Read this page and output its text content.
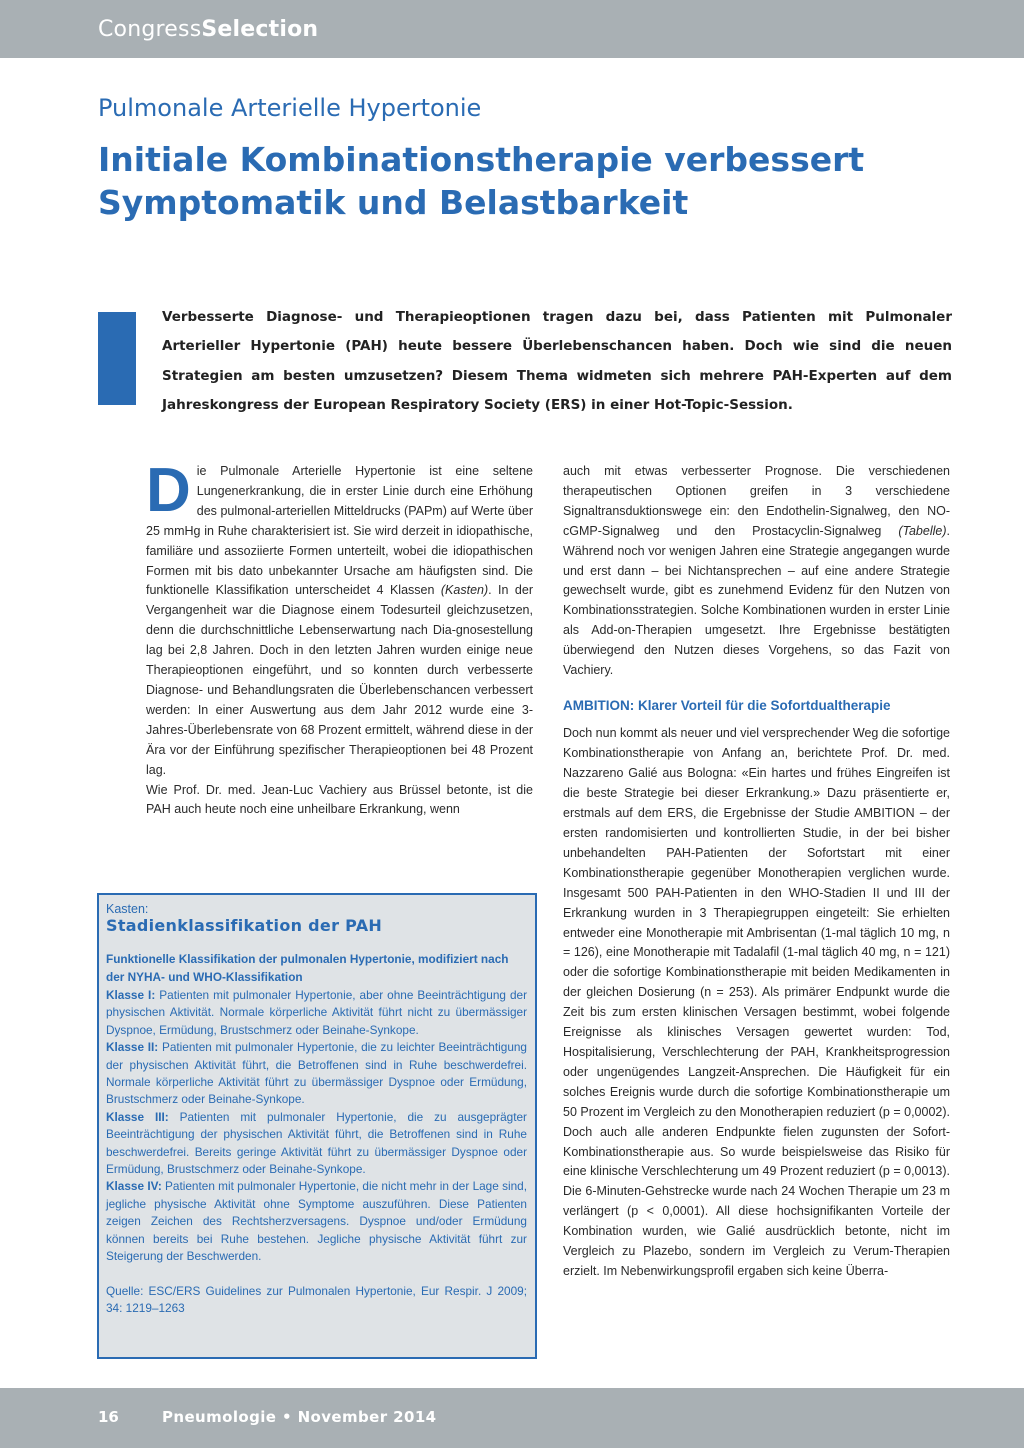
CongressSelection
Pulmonale Arterielle Hypertonie
Initiale Kombinationstherapie verbessert Symptomatik und Belastbarkeit

Verbesserte Diagnose- und Therapieoptionen tragen dazu bei, dass Patienten mit Pulmonaler Arterieller Hypertonie (PAH) heute bessere Überlebenschancen haben. Doch wie sind die neuen Strategien am besten umzusetzen? Diesem Thema widmeten sich mehrere PAH-Experten auf dem Jahreskongress der European Respiratory Society (ERS) in einer Hot-Topic-Session.

Die Pulmonale Arterielle Hypertonie ist eine seltene Lungenerkrankung, die in erster Linie durch eine Erhöhung des pulmonal-arteriellen Mitteldrucks (PAPm) auf Werte über 25 mmHg in Ruhe charakterisiert ist. Sie wird derzeit in idiopathische, familiäre und assoziierte Formen unterteilt, wobei die idiopathischen Formen mit bis dato unbekannter Ursache am häufigsten sind. Die funktionelle Klassifikation unterscheidet 4 Klassen (Kasten). In der Vergangenheit war die Diagnose einem Todesurteil gleichzusetzen, denn die durchschnittliche Lebenserwartung nach Dia-gnosestellung lag bei 2,8 Jahren. Doch in den letzten Jahren wurden einige neue Therapieoptionen eingeführt, und so konnten durch verbesserte Diagnose- und Behandlungsraten die Überlebenschancen verbessert werden: In einer Auswertung aus dem Jahr 2012 wurde eine 3-Jahres-Überlebensrate von 68 Prozent ermittelt, während diese in der Ära vor der Einführung spezifischer Therapieoptionen bei 48 Prozent lag.

Wie Prof. Dr. med. Jean-Luc Vachiery aus Brüssel betonte, ist die PAH auch heute noch eine unheilbare Erkrankung, wenn

auch mit etwas verbesserter Prognose. Die verschiedenen therapeutischen Optionen greifen in 3 verschiedene Signaltransduktionswege ein: den Endothelin-Signalweg, den NO-cGMP-Signalweg und den Prostacyclin-Signalweg (Tabelle). Während noch vor wenigen Jahren eine Strategie angegangen wurde und erst dann – bei Nichtansprechen – auf eine andere Strategie gewechselt wurde, gibt es zunehmend Evidenz für den Nutzen von Kombinationsstrategien. Solche Kombinationen wurden in erster Linie als Add-on-Therapien umgesetzt. Ihre Ergebnisse bestätigten überwiegend den Nutzen dieses Vorgehens, so das Fazit von Vachiery.

AMBITION: Klarer Vorteil für die Sofortdualtherapie

Doch nun kommt als neuer und viel versprechender Weg die sofortige Kombinationstherapie von Anfang an, berichtete Prof. Dr. med. Nazzareno Galié aus Bologna: «Ein hartes und frühes Eingreifen ist die beste Strategie bei dieser Erkrankung.» Dazu präsentierte er, erstmals auf dem ERS, die Ergebnisse der Studie AMBITION – der ersten randomisierten und kontrollierten Studie, in der bei bisher unbehandelten PAH-Patienten der Sofortstart mit einer Kombinationstherapie gegenüber Monotherapien verglichen wurde. Insgesamt 500 PAH-Patienten in den WHO-Stadien II und III der Erkrankung wurden in 3 Therapiegruppen eingeteilt: Sie erhielten entweder eine Monotherapie mit Ambrisentan (1-mal täglich 10 mg, n = 126), eine Monotherapie mit Tadalafil (1-mal täglich 40 mg, n = 121) oder die sofortige Kombinationstherapie mit beiden Medikamenten in der gleichen Dosierung (n = 253). Als primärer Endpunkt wurde die Zeit bis zum ersten klinischen Versagen bestimmt, wobei folgende Ereignisse als klinisches Versagen gewertet wurden: Tod, Hospitalisierung, Verschlechterung der PAH, Krankheitsprogression oder ungenügendes Langzeit-Ansprechen. Die Häufigkeit für ein solches Ereignis wurde durch die sofortige Kombinationstherapie um 50 Prozent im Vergleich zu den Monotherapien reduziert (p = 0,0002). Doch auch alle anderen Endpunkte fielen zugunsten der Sofort-Kombinationstherapie aus. So wurde beispielsweise das Risiko für eine klinische Verschlechterung um 49 Prozent reduziert (p = 0,0013). Die 6-Minuten-Gehstrecke wurde nach 24 Wochen Therapie um 23 m verlängert (p < 0,0001). All diese hochsignifikanten Vorteile der Kombination wurden, wie Galié ausdrücklich betonte, nicht im Vergleich zu Plazebo, sondern im Vergleich zu Verum-Therapien erzielt. Im Nebenwirkungsprofil ergaben sich keine Überra-

Kasten:
Stadienklassifikation der PAH
Funktionelle Klassifikation der pulmonalen Hypertonie, modifiziert nach der NYHA- und WHO-Klassifikation
Klasse I: Patienten mit pulmonaler Hypertonie, aber ohne Beeinträchtigung der physischen Aktivität. Normale körperliche Aktivität führt nicht zu übermässiger Dyspnoe, Ermüdung, Brustschmerz oder Beinahe-Synkope.
Klasse II: Patienten mit pulmonaler Hypertonie, die zu leichter Beeinträchtigung der physischen Aktivität führt, die Betroffenen sind in Ruhe beschwerdefrei. Normale körperliche Aktivität führt zu übermässiger Dyspnoe oder Ermüdung, Brustschmerz oder Beinahe-Synkope.
Klasse III: Patienten mit pulmonaler Hypertonie, die zu ausgeprägter Beeinträchtigung der physischen Aktivität führt, die Betroffenen sind in Ruhe beschwerdefrei. Bereits geringe Aktivität führt zu übermässiger Dyspnoe oder Ermüdung, Brustschmerz oder Beinahe-Synkope.
Klasse IV: Patienten mit pulmonaler Hypertonie, die nicht mehr in der Lage sind, jegliche physische Aktivität ohne Symptome auszuführen. Diese Patienten zeigen Zeichen des Rechtsherzversagens. Dyspnoe und/oder Ermüdung können bereits bei Ruhe bestehen. Jegliche physische Aktivität führt zur Steigerung der Beschwerden.
Quelle: ESC/ERS Guidelines zur Pulmonalen Hypertonie, Eur Respir. J 2009; 34: 1219–1263
16	Pneumologie • November 2014
